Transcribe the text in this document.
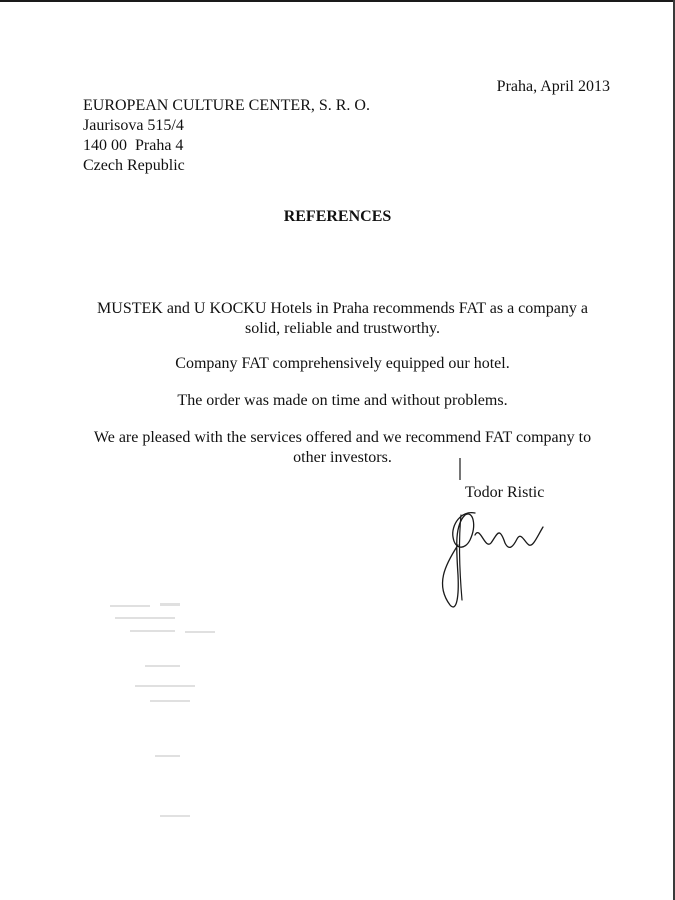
Praha, April 2013
EUROPEAN CULTURE CENTER, S. R. O.
Jaurisova 515/4
140 00  Praha 4
Czech Republic
REFERENCES
MUSTEK and U KOCKU Hotels in Praha recommends FAT as a company a solid, reliable and trustworthy.
Company FAT comprehensively equipped our hotel.
The order was made on time and without problems.
We are pleased with the services offered and we recommend FAT company to other investors.
Todor Ristic
